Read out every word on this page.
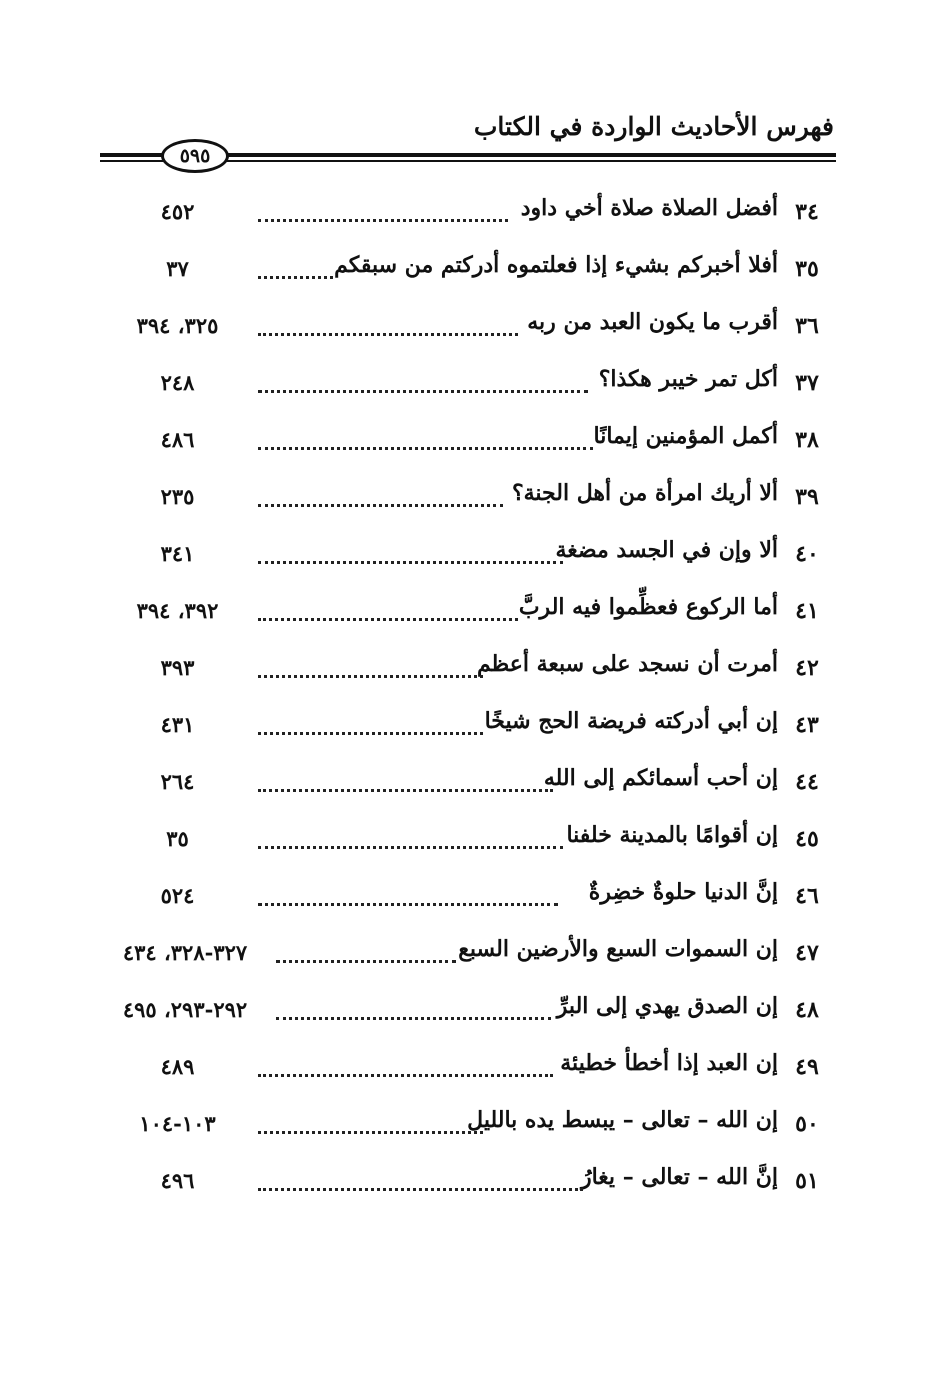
فهرس الأحاديث الواردة في الكتاب
٥٩٥
٣٤
أفضل الصلاة صلاة أخي داود
٤٥٢
٣٥
أفلا أخبركم بشيء إذا فعلتموه أدركتم من سبقكم
٣٧
٣٦
أقرب ما يكون العبد من ربه
٣٢٥، ٣٩٤
٣٧
أكل تمر خيبر هكذا؟
٢٤٨
٣٨
أكمل المؤمنين إيمانًا
٤٨٦
٣٩
ألا أريك امرأة من أهل الجنة؟
٢٣٥
٤٠
ألا وإن في الجسد مضغة
٣٤١
٤١
أما الركوع فعظِّموا فيه الربَّ
٣٩٢، ٣٩٤
٤٢
أمرت أن نسجد على سبعة أعظم
٣٩٣
٤٣
إن أبي أدركته فريضة الحج شيخًا
٤٣١
٤٤
إن أحب أسمائكم إلى الله
٢٦٤
٤٥
إن أقوامًا بالمدينة خلفنا
٣٥
٤٦
إنَّ الدنيا حلوةٌ خضِرةٌ
٥٢٤
٤٧
إن السموات السبع والأرضين السبع
٣٢٧-٣٢٨، ٤٣٤
٤٨
إن الصدق يهدي إلى البرِّ
٢٩٢-٢٩٣، ٤٩٥
٤٩
إن العبد إذا أخطأ خطيئة
٤٨٩
٥٠
إن الله – تعالى – يبسط يده بالليل
١٠٣-١٠٤
٥١
إنَّ الله – تعالى – يغارُ
٤٩٦
